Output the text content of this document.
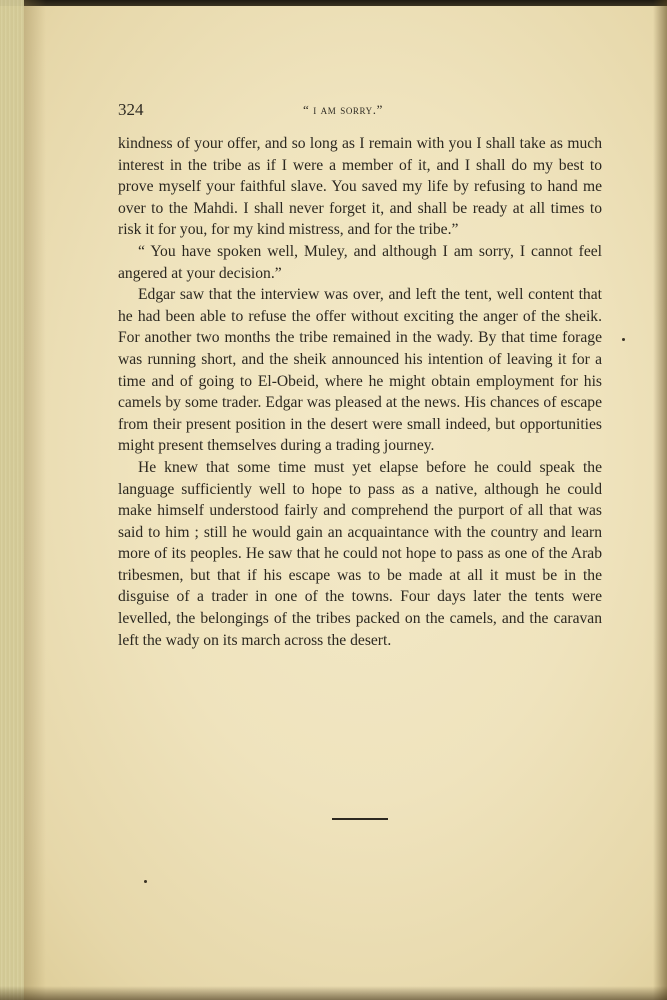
324	“ i am sorry.”

kindness of your offer, and so long as I remain with you I shall take as much interest in the tribe as if I were a member of it, and I shall do my best to prove myself your faithful slave. You saved my life by refusing to hand me over to the Mahdi. I shall never forget it, and shall be ready at all times to risk it for you, for my kind mistress, and for the tribe.”

“ You have spoken well, Muley, and although I am sorry, I cannot feel angered at your decision.”

Edgar saw that the interview was over, and left the tent, well content that he had been able to refuse the offer without exciting the anger of the sheik. For another two months the tribe remained in the wady. By that time forage was running short, and the sheik announced his intention of leaving it for a time and of going to El-Obeid, where he might obtain employment for his camels by some trader. Edgar was pleased at the news. His chances of escape from their present position in the desert were small indeed, but opportunities might present themselves during a trading journey.

He knew that some time must yet elapse before he could speak the language sufficiently well to hope to pass as a native, although he could make himself understood fairly and comprehend the purport of all that was said to him ; still he would gain an acquaintance with the country and learn more of its peoples. He saw that he could not hope to pass as one of the Arab tribesmen, but that if his escape was to be made at all it must be in the disguise of a trader in one of the towns. Four days later the tents were levelled, the belongings of the tribes packed on the camels, and the caravan left the wady on its march across the desert.
